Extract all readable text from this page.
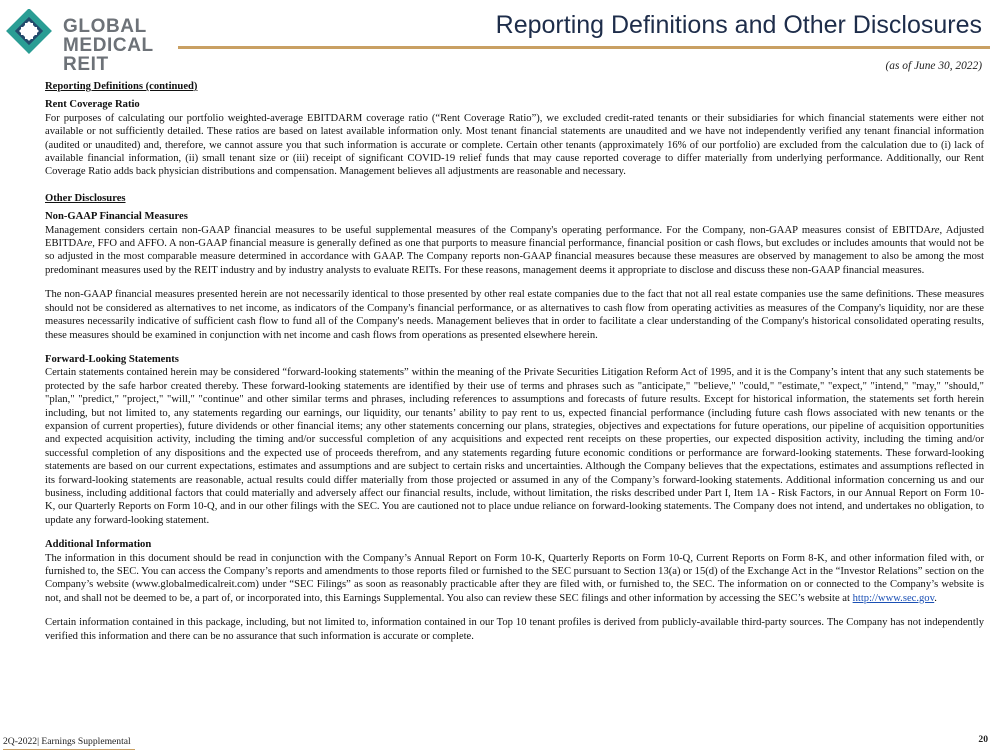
GLOBAL
MEDICAL REIT
Reporting Definitions and Other Disclosures
(as of June 30, 2022)

Reporting Definitions (continued)

Rent Coverage Ratio

For purposes of calculating our portfolio weighted-average EBITDARM coverage ratio (“Rent Coverage Ratio”), we excluded credit-rated tenants or their subsidiaries for which financial statements were either not available or not sufficiently detailed. These ratios are based on latest available information only. Most tenant financial statements are unaudited and we have not independently verified any tenant financial information (audited or unaudited) and, therefore, we cannot assure you that such information is accurate or complete. Certain other tenants (approximately 16% of our portfolio) are excluded from the calculation due to (i) lack of available financial information, (ii) small tenant size or (iii) receipt of significant COVID-19 relief funds that may cause reported coverage to differ materially from underlying performance. Additionally, our Rent Coverage Ratio adds back physician distributions and compensation. Management believes all adjustments are reasonable and necessary.

Other Disclosures

Non-GAAP Financial Measures

Management considers certain non-GAAP financial measures to be useful supplemental measures of the Company's operating performance. For the Company, non-GAAP measures consist of EBITDAre, Adjusted EBITDAre, FFO and AFFO. A non-GAAP financial measure is generally defined as one that purports to measure financial performance, financial position or cash flows, but excludes or includes amounts that would not be so adjusted in the most comparable measure determined in accordance with GAAP. The Company reports non-GAAP financial measures because these measures are observed by management to also be among the most predominant measures used by the REIT industry and by industry analysts to evaluate REITs. For these reasons, management deems it appropriate to disclose and discuss these non-GAAP financial measures.

The non-GAAP financial measures presented herein are not necessarily identical to those presented by other real estate companies due to the fact that not all real estate companies use the same definitions. These measures should not be considered as alternatives to net income, as indicators of the Company's financial performance, or as alternatives to cash flow from operating activities as measures of the Company's liquidity, nor are these measures necessarily indicative of sufficient cash flow to fund all of the Company's needs. Management believes that in order to facilitate a clear understanding of the Company's historical consolidated operating results, these measures should be examined in conjunction with net income and cash flows from operations as presented elsewhere herein.

Forward-Looking Statements

Certain statements contained herein may be considered “forward-looking statements” within the meaning of the Private Securities Litigation Reform Act of 1995, and it is the Company’s intent that any such statements be protected by the safe harbor created thereby. These forward-looking statements are identified by their use of terms and phrases such as "anticipate," "believe," "could," "estimate," "expect," "intend," "may," "should," "plan," "predict," "project," "will," "continue" and other similar terms and phrases, including references to assumptions and forecasts of future results. Except for historical information, the statements set forth herein including, but not limited to, any statements regarding our earnings, our liquidity, our tenants’ ability to pay rent to us, expected financial performance (including future cash flows associated with new tenants or the expansion of current properties), future dividends or other financial items; any other statements concerning our plans, strategies, objectives and expectations for future operations, our pipeline of acquisition opportunities and expected acquisition activity, including the timing and/or successful completion of any acquisitions and expected rent receipts on these properties, our expected disposition activity, including the timing and/or successful completion of any dispositions and the expected use of proceeds therefrom, and any statements regarding future economic conditions or performance are forward-looking statements. These forward-looking statements are based on our current expectations, estimates and assumptions and are subject to certain risks and uncertainties. Although the Company believes that the expectations, estimates and assumptions reflected in its forward-looking statements are reasonable, actual results could differ materially from those projected or assumed in any of the Company’s forward-looking statements. Additional information concerning us and our business, including additional factors that could materially and adversely affect our financial results, include, without limitation, the risks described under Part I, Item 1A - Risk Factors, in our Annual Report on Form 10-K, our Quarterly Reports on Form 10-Q, and in our other filings with the SEC. You are cautioned not to place undue reliance on forward-looking statements. The Company does not intend, and undertakes no obligation, to update any forward-looking statement.

Additional Information

The information in this document should be read in conjunction with the Company’s Annual Report on Form 10-K, Quarterly Reports on Form 10-Q, Current Reports on Form 8-K, and other information filed with, or furnished to, the SEC. You can access the Company’s reports and amendments to those reports filed or furnished to the SEC pursuant to Section 13(a) or 15(d) of the Exchange Act in the “Investor Relations” section on the Company’s website (www.globalmedicalreit.com) under “SEC Filings” as soon as reasonably practicable after they are filed with, or furnished to, the SEC. The information on or connected to the Company’s website is not, and shall not be deemed to be, a part of, or incorporated into, this Earnings Supplemental. You also can review these SEC filings and other information by accessing the SEC’s website at http://www.sec.gov.

Certain information contained in this package, including, but not limited to, information contained in our Top 10 tenant profiles is derived from publicly-available third-party sources. The Company has not independently verified this information and there can be no assurance that such information is accurate or complete.

2Q-2022| Earnings Supplemental	20
